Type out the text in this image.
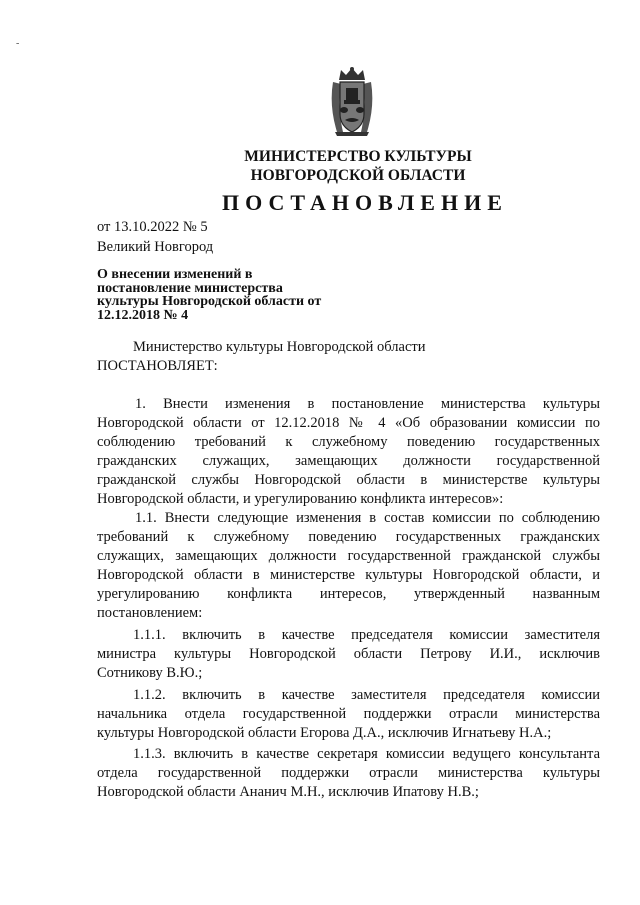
-
МИНИСТЕРСТВО КУЛЬТУРЫ
НОВГОРОДСКОЙ ОБЛАСТИ
ПОСТАНОВЛЕНИЕ
от 13.10.2022 № 5
Великий Новгород
О внесении изменений в
постановление министерства
культуры Новгородской области от
12.12.2018 № 4
Министерство культуры Новгородской области
ПОСТАНОВЛЯЕТ:
1. Внести изменения в постановление министерства культуры
Новгородской области от 12.12.2018 № 4 «Об образовании комиссии по
соблюдению требований к служебному поведению государственных
гражданских служащих, замещающих должности государственной
гражданской службы Новгородской области в министерстве культуры
Новгородской области, и урегулированию конфликта интересов»:
1.1. Внести следующие изменения в состав комиссии по соблюдению
требований к служебному поведению государственных гражданских
служащих, замещающих должности государственной гражданской службы
Новгородской области в министерстве культуры Новгородской области, и
урегулированию конфликта интересов, утвержденный названным
постановлением:
1.1.1. включить в качестве председателя комиссии заместителя
министра культуры Новгородской области Петрову И.И., исключив
Сотникову В.Ю.;
1.1.2. включить в качестве заместителя председателя комиссии
начальника отдела государственной поддержки отрасли министерства
культуры Новгородской области Егорова Д.А., исключив Игнатьеву Н.А.;
1.1.3. включить в качестве секретаря комиссии ведущего консультанта
отдела государственной поддержки отрасли министерства культуры
Новгородской области Ананич М.Н., исключив Ипатову Н.В.;
